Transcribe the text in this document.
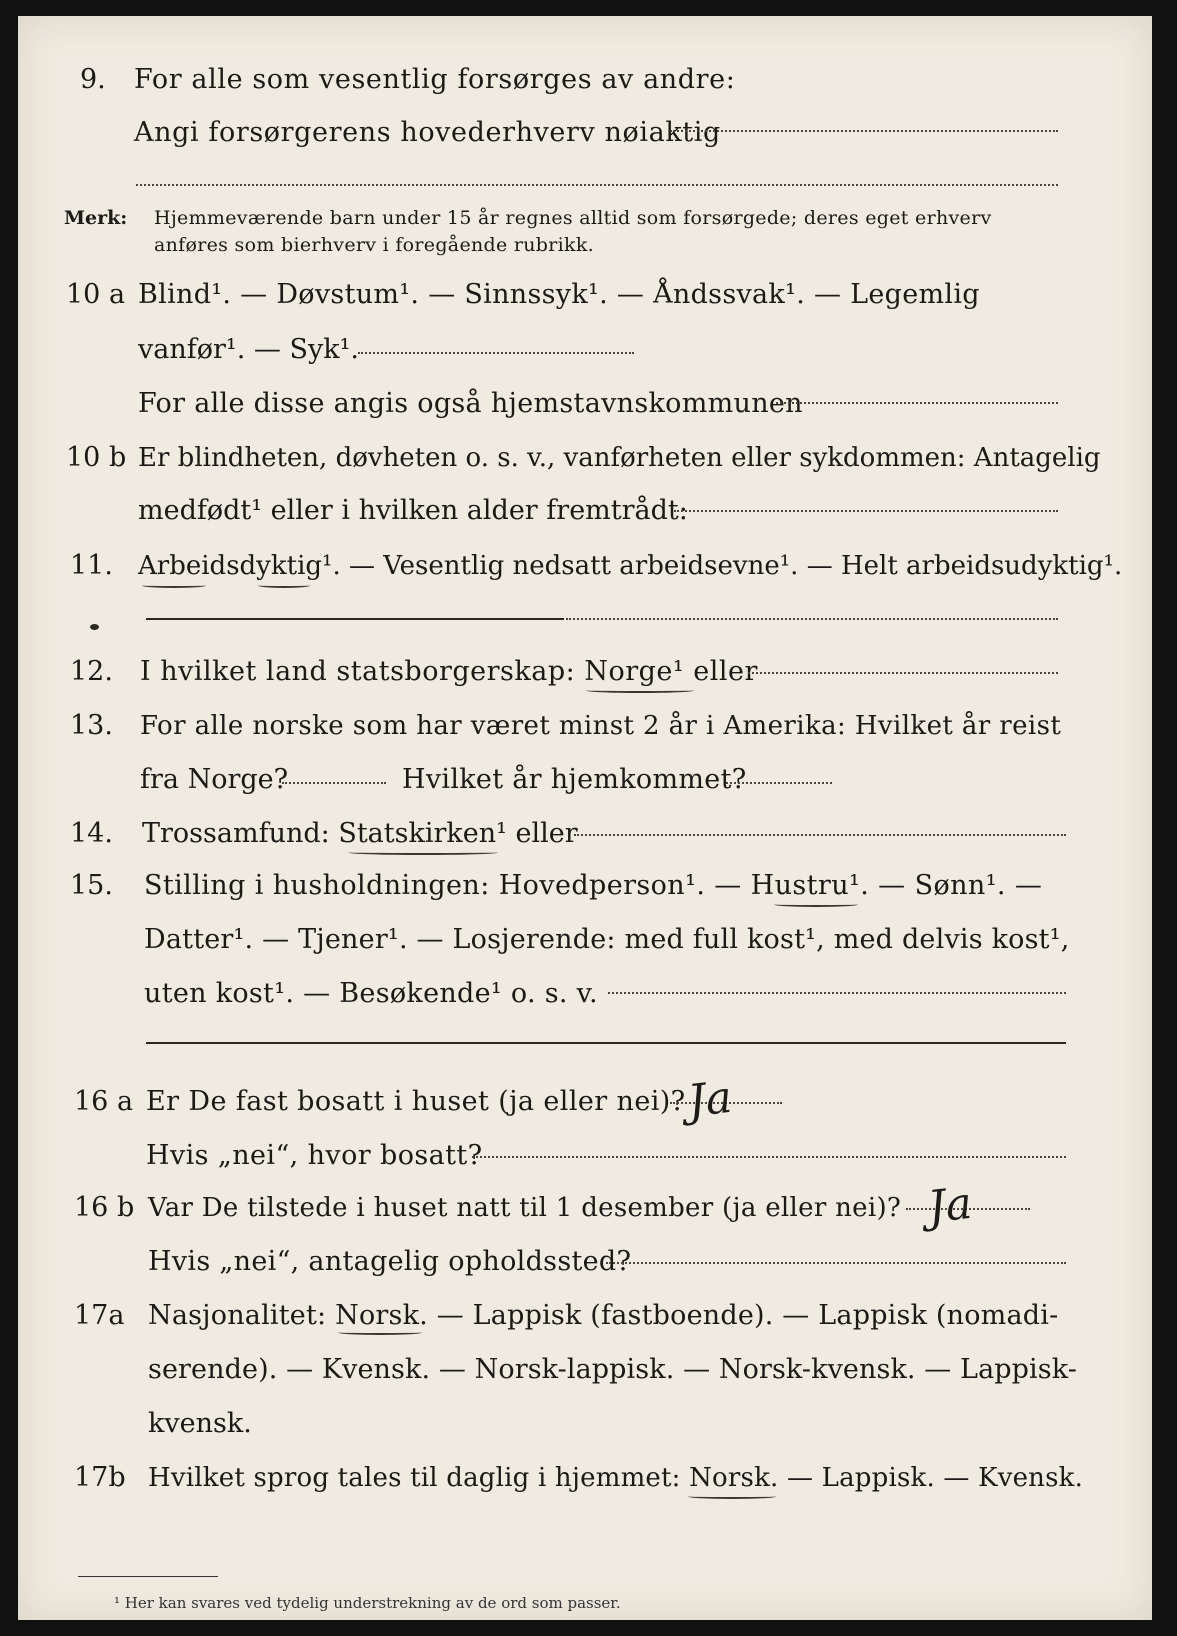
9. For alle som vesentlig forsørges av andre:
Angi forsørgerens hovederhverv nøiaktig
Merk: Hjemmeværende barn under 15 år regnes alltid som forsørgede; deres eget erhverv
anføres som bierhverv i foregående rubrikk.
10 a Blind¹. — Døvstum¹. — Sinnssyk¹. — Åndssvak¹. — Legemlig
vanfør¹. — Syk¹.
For alle disse angis også hjemstavnskommunen
10 b Er blindheten, døvheten o. s. v., vanførheten eller sykdommen: Antagelig
medfødt¹ eller i hvilken alder fremtrådt:
11. Arbeidsdyktig¹. — Vesentlig nedsatt arbeidsevne¹. — Helt arbeidsudyktig¹.
12. I hvilket land statsborgerskap: Norge¹ eller
13. For alle norske som har været minst 2 år i Amerika: Hvilket år reist
fra Norge?	Hvilket år hjemkommet?
14. Trossamfund: Statskirken¹ eller
15. Stilling i husholdningen: Hovedperson¹. — Hustru¹. — Sønn¹. —
Datter¹. — Tjener¹. — Losjerende: med full kost¹, med delvis kost¹,
uten kost¹. — Besøkende¹ o. s. v.
16 a Er De fast bosatt i huset (ja eller nei)? Ja
Hvis „nei“, hvor bosatt?
16 b Var De tilstede i huset natt til 1 desember (ja eller nei)? Ja
Hvis „nei“, antagelig opholdssted?
17a Nasjonalitet: Norsk. — Lappisk (fastboende). — Lappisk (nomadi-
serende). — Kvensk. — Norsk-lappisk. — Norsk-kvensk. — Lappisk-
kvensk.
17b Hvilket sprog tales til daglig i hjemmet: Norsk. — Lappisk. — Kvensk.
¹ Her kan svares ved tydelig understrekning av de ord som passer.
